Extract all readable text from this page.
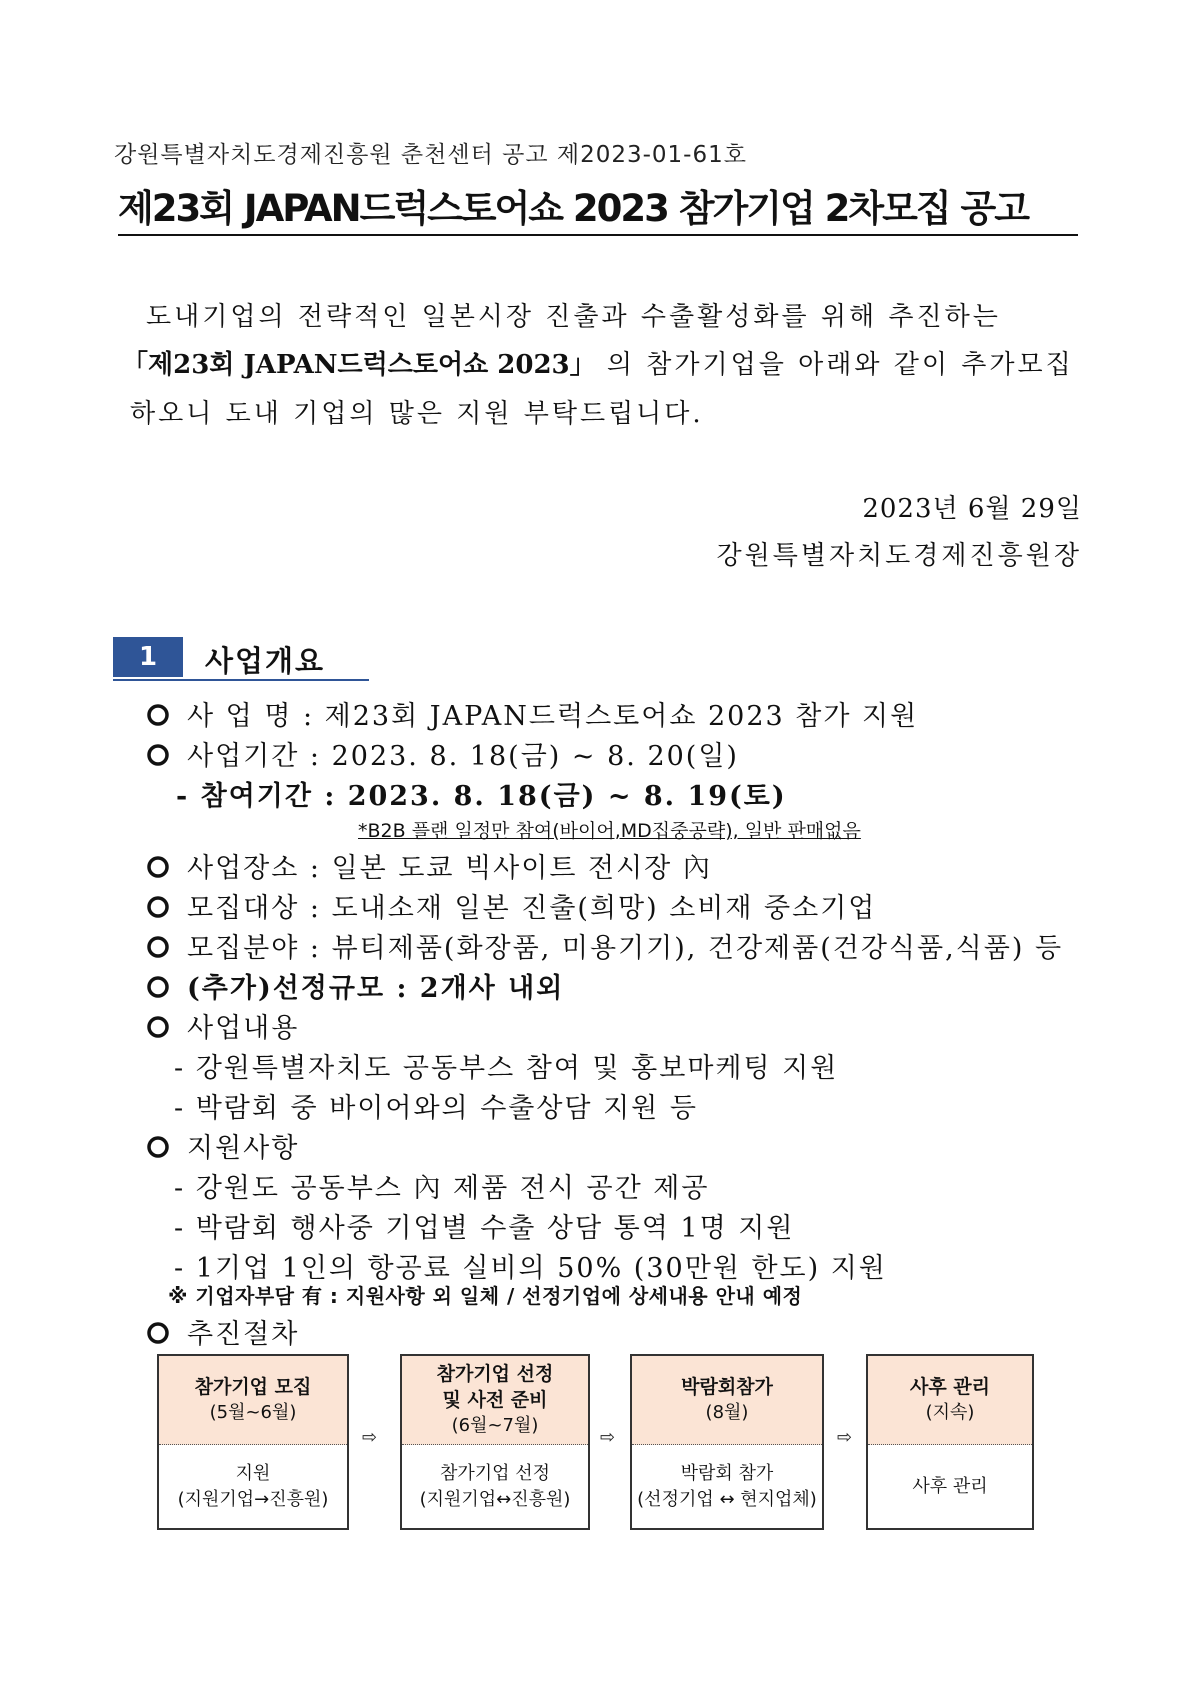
강원특별자치도경제진흥원 춘천센터 공고 제2023-01-61호
제23회 JAPAN드럭스토어쇼 2023 참가기업 2차모집 공고
도내기업의 전략적인 일본시장 진출과 수출활성화를 위해 추진하는
「제23회 JAPAN드럭스토어쇼 2023」 의 참가기업을 아래와 같이 추가모집
하오니 도내 기업의 많은 지원 부탁드립니다.
2023년 6월 29일
강원특별자치도경제진흥원장
1	사업개요
사 업 명 : 제23회 JAPAN드럭스토어쇼 2023 참가 지원
사업기간 : 2023. 8. 18(금) ~ 8. 20(일)
- 참여기간 : 2023. 8. 18(금) ~ 8. 19(토)
*B2B 플랜 일정만 참여(바이어,MD집중공략), 일반 판매없음
사업장소 : 일본 도쿄 빅사이트 전시장 內
모집대상 : 도내소재 일본 진출(희망) 소비재 중소기업
모집분야 : 뷰티제품(화장품, 미용기기), 건강제품(건강식품,식품) 등
(추가)선정규모 : 2개사 내외
사업내용
- 강원특별자치도 공동부스 참여 및 홍보마케팅 지원
- 박람회 중 바이어와의 수출상담 지원 등
지원사항
- 강원도 공동부스 內 제품 전시 공간 제공
- 박람회 행사중 기업별 수출 상담 통역 1명 지원
- 1기업 1인의 항공료 실비의 50% (30만원 한도) 지원
※ 기업자부담 有 : 지원사항 외 일체 / 선정기업에 상세내용 안내 예정
추진절차
참가기업 모집
(5월~6월)
지원
(지원기업→진흥원)
⇨
참가기업 선정
및 사전 준비
(6월~7월)
참가기업 선정
(지원기업↔진흥원)
⇨
박람회참가
(8월)
박람회 참가
(선정기업 ↔ 현지업체)
⇨
사후 관리
(지속)
사후 관리
